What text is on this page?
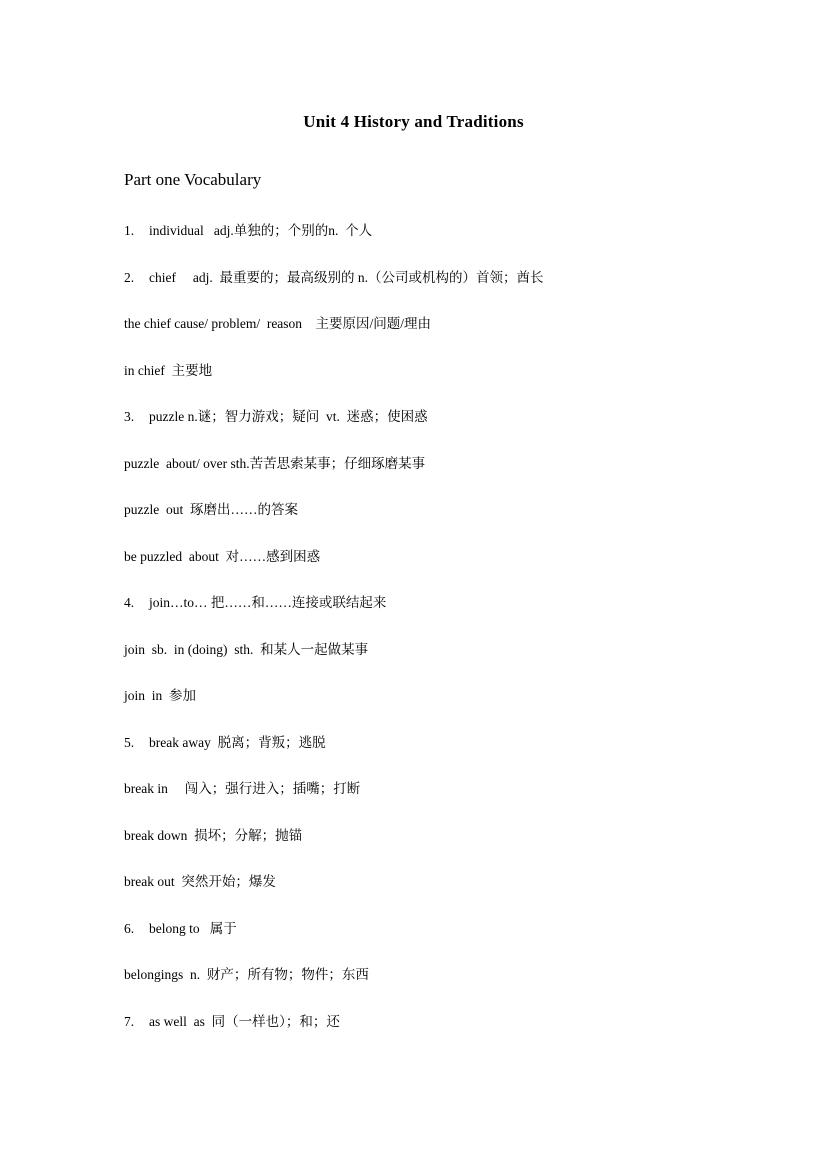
Unit 4 History and Traditions
Part one Vocabulary
1. individual   adj.单独的；个别的n.  个人
2. chief     adj.  最重要的；最高级别的 n.（公司或机构的）首领；酋长
the chief cause/ problem/  reason    主要原因/问题/理由
in chief  主要地
3. puzzle n.谜；智力游戏；疑问  vt.  迷惑；使困惑
puzzle  about/ over sth.苦苦思索某事；仔细琢磨某事
puzzle  out  琢磨出……的答案
be puzzled  about  对……感到困惑
4. join…to… 把……和……连接或联结起来
join  sb.  in (doing)  sth.  和某人一起做某事
join  in  参加
5. break away  脱离；背叛；逃脱
break in     闯入；强行进入；插嘴；打断
break down  损坏；分解；抛锚
break out  突然开始；爆发
6. belong to   属于
belongings  n.  财产；所有物；物件；东西
7. as well  as  同（一样也）；和；还
